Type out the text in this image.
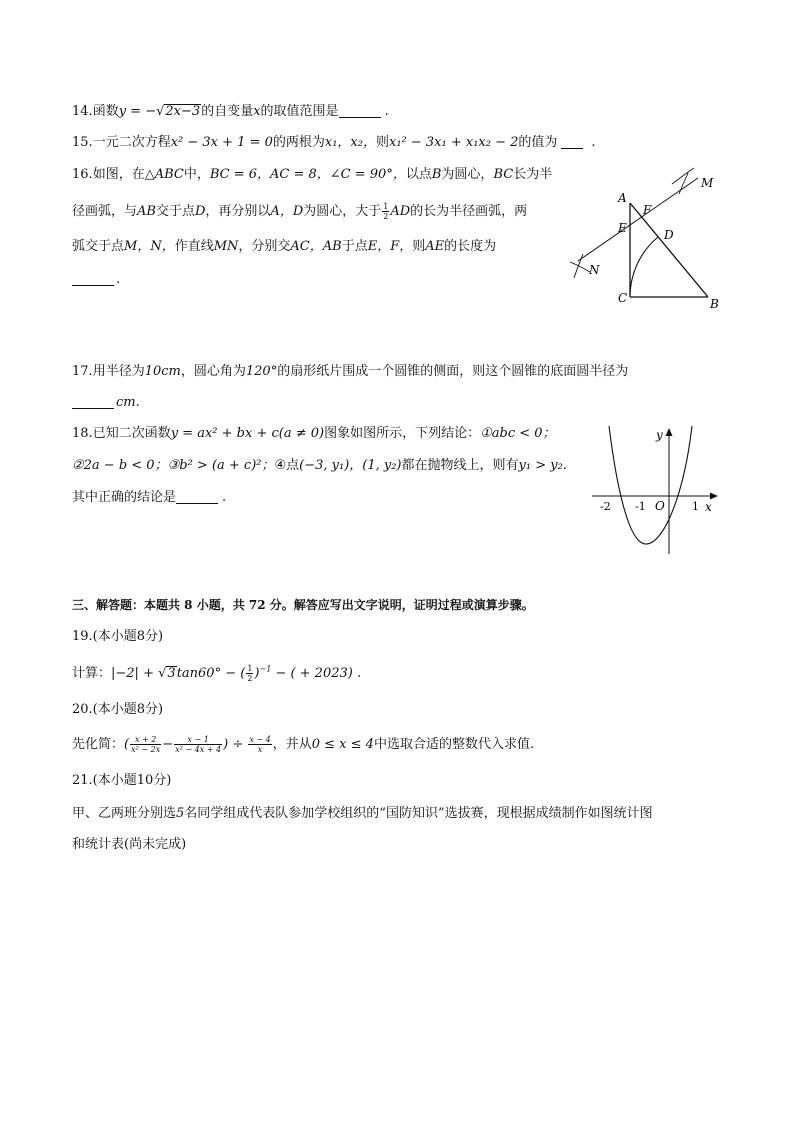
14.函数y = −√2x−3的自变量x的取值范围是	.
15.一元二次方程x² − 3x + 1 = 0的两根为x₁，x₂，则x₁² − 3x₁ + x₁x₂ − 2的值为	.
16.如图，在△ABC中，BC = 6，AC = 8，∠C = 90°，以点B为圆心，BC长为半
径画弧，与AB交于点D，再分别以A，D为圆心，大于 $\frac{1}{2}$ AD的长为半径画弧，两
弧交于点M，N，作直线MN，分别交AC，AB于点E，F，则AE的长度为
.
A
B
C
D
E
F
M
N
17.用半径为10cm，圆心角为120°的扇形纸片围成一个圆锥的侧面，则这个圆锥的底面圆半径为
cm.
18.已知二次函数y = ax² + bx + c(a ≠ 0)图象如图所示，下列结论：①abc < 0；
②2a − b < 0；③b² > (a + c)²；④点(−3, y₁)，(1, y₂)都在抛物线上，则有y₁ > y₂.
其中正确的结论是	.
y
x
O
-2 -1	1
三、解答题：本题共 8 小题，共 72 分。解答应写出文字说明，证明过程或演算步骤。
19.(本小题8分)
计算：|−2| + √3tan60° − ( $\frac{1}{2} )^{-1}$ − ( + 2023) .
20.(本小题8分)
先化简：( $\frac{x + 2}{\text{x² − 2x}} - \frac{x - 1}{\text{x² − 4x + 4}}$ ) ÷ $\frac{x - 4}{x}$ ，并从0 ≤ x ≤ 4中选取合适的整数代入求值.
21.(本小题10分)
甲、乙两班分别选5名同学组成代表队参加学校组织的“国防知识”选拔赛，现根据成绩制作如图统计图
和统计表(尚未完成)
